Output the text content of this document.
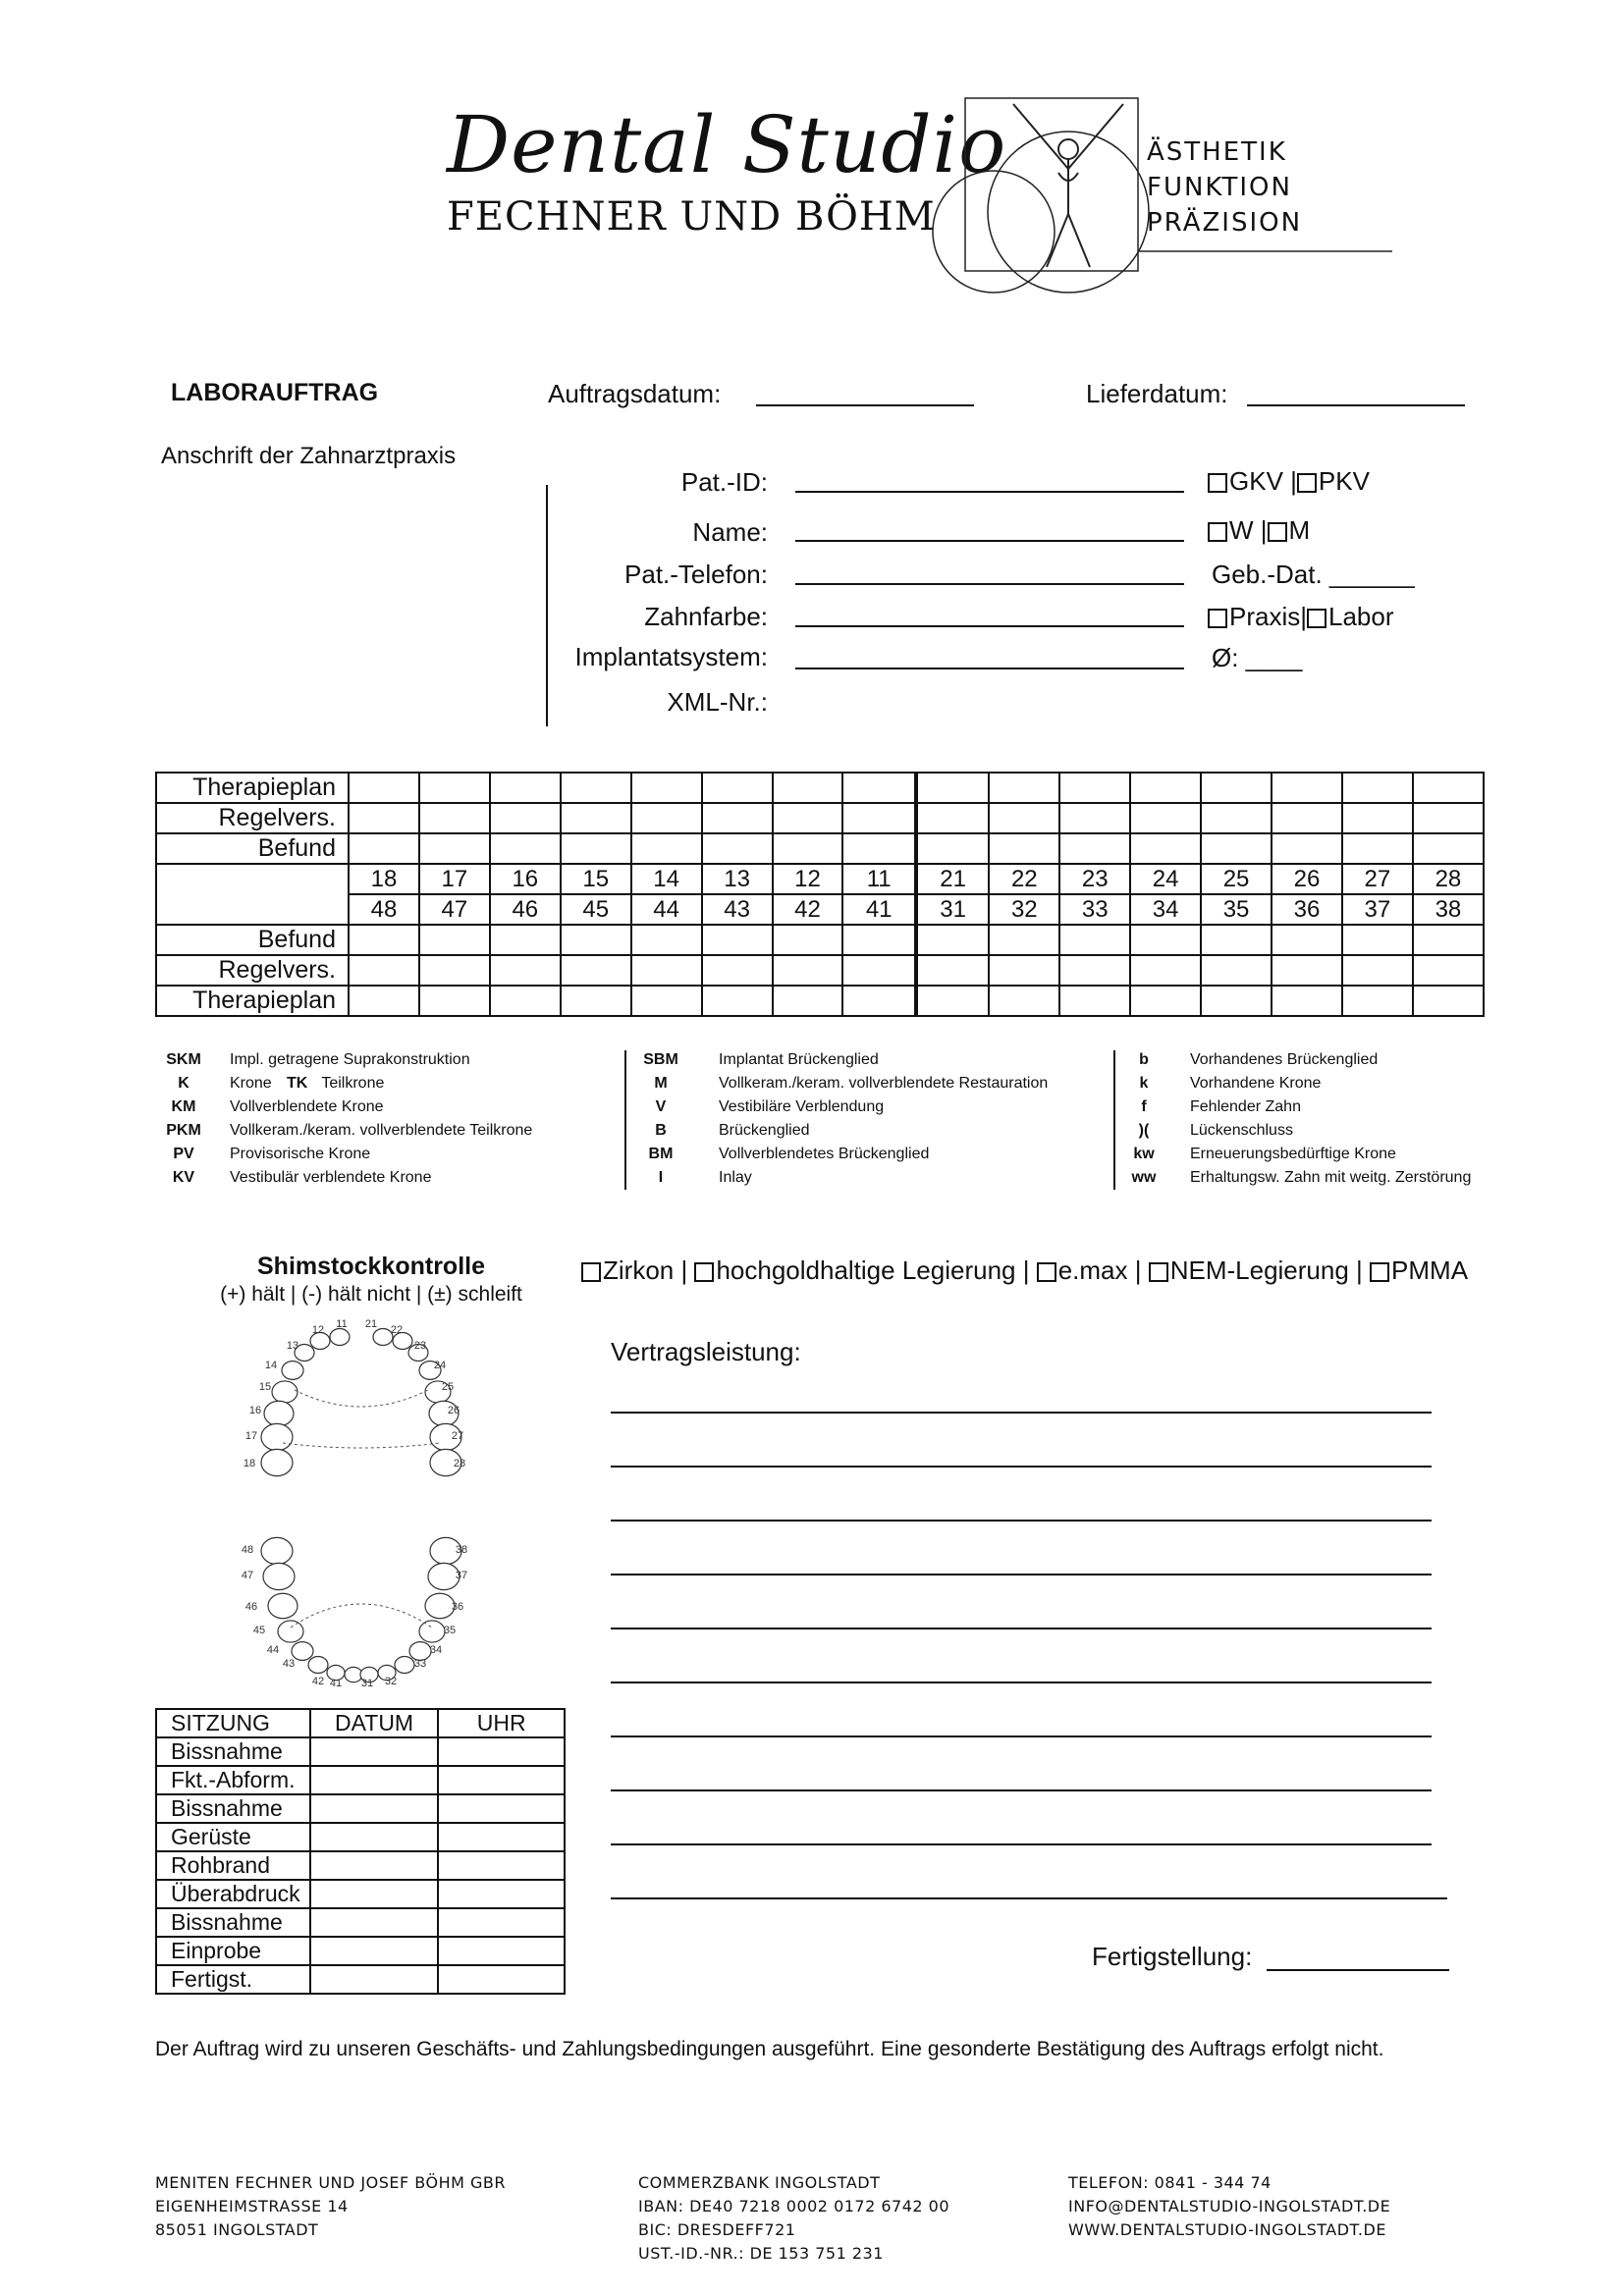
Dental Studio
FECHNER UND BÖHM
ÄSTHETIK
FUNKTION
PRÄZISION
LABORAUFTRAG	Auftragsdatum:	Lieferdatum:
Anschrift der Zahnarztpraxis
Pat.-ID:
Name:
Pat.-Telefon:
Zahnfarbe:
Implantatsystem:
XML-Nr.:
GKV | PKV
W | M
Geb.-Dat. ______
Praxis| Labor
Ø: ____
Therapieplan																
Regelvers.																
Befund																
	18	17	16	15	14	13	12	11	21	22	23	24	25	26	27	28
	48	47	46	45	44	43	42	41	31	32	33	34	35	36	37	38
Befund																
Regelvers.																
Therapieplan																
SKM Impl. getragene Suprakonstruktion
K	Krone TK Teilkrone
KM Vollverblendete Krone
PKM Vollkeram./keram. vollverblendete Teilkrone
PV Provisorische Krone
KV Vestibulär verblendete Krone
SBM	Implantat Brückenglied
M	Vollkeram./keram. vollverblendete Restauration
V	Vestibiläre Verblendung
B	Brückenglied
BM	Vollverblendetes Brückenglied
I	Inlay
b	Vorhandenes Brückenglied
k	Vorhandene Krone
f	Fehlender Zahn
)(	Lückenschluss
kw Erneuerungsbedürftige Krone
ww Erhaltungsw. Zahn mit weitg. Zerstörung
Shimstockkontrolle
(+) hält | (-) hält nicht | (±) schleift
11 21
12	22
13	23
14	24
15	25
16	26
17	27
18	28
48	38
47	37
46	36
45	35
44	34
43	33
42	32
41 31
Zirkon | hochgoldhaltige Legierung | e.max | NEM-Legierung | PMMA
Vertragsleistung:
Fertigstellung:
SITZUNG	DATUM	UHR
Bissnahme		
Fkt.-Abform.		
Bissnahme		
Gerüste		
Rohbrand		
Überabdruck		
Bissnahme		
Einprobe		
Fertigst.		
Der Auftrag wird zu unseren Geschäfts- und Zahlungsbedingungen ausgeführt. Eine gesonderte Bestätigung des Auftrags erfolgt nicht.
MENITEN FECHNER UND JOSEF BÖHM GBR
EIGENHEIMSTRASSE 14
85051 INGOLSTADT
COMMERZBANK INGOLSTADT
IBAN: DE40 7218 0002 0172 6742 00
BIC: DRESDEFF721
UST.-ID.-NR.: DE 153 751 231
TELEFON: 0841 - 344 74
INFO@DENTALSTUDIO-INGOLSTADT.DE
WWW.DENTALSTUDIO-INGOLSTADT.DE
